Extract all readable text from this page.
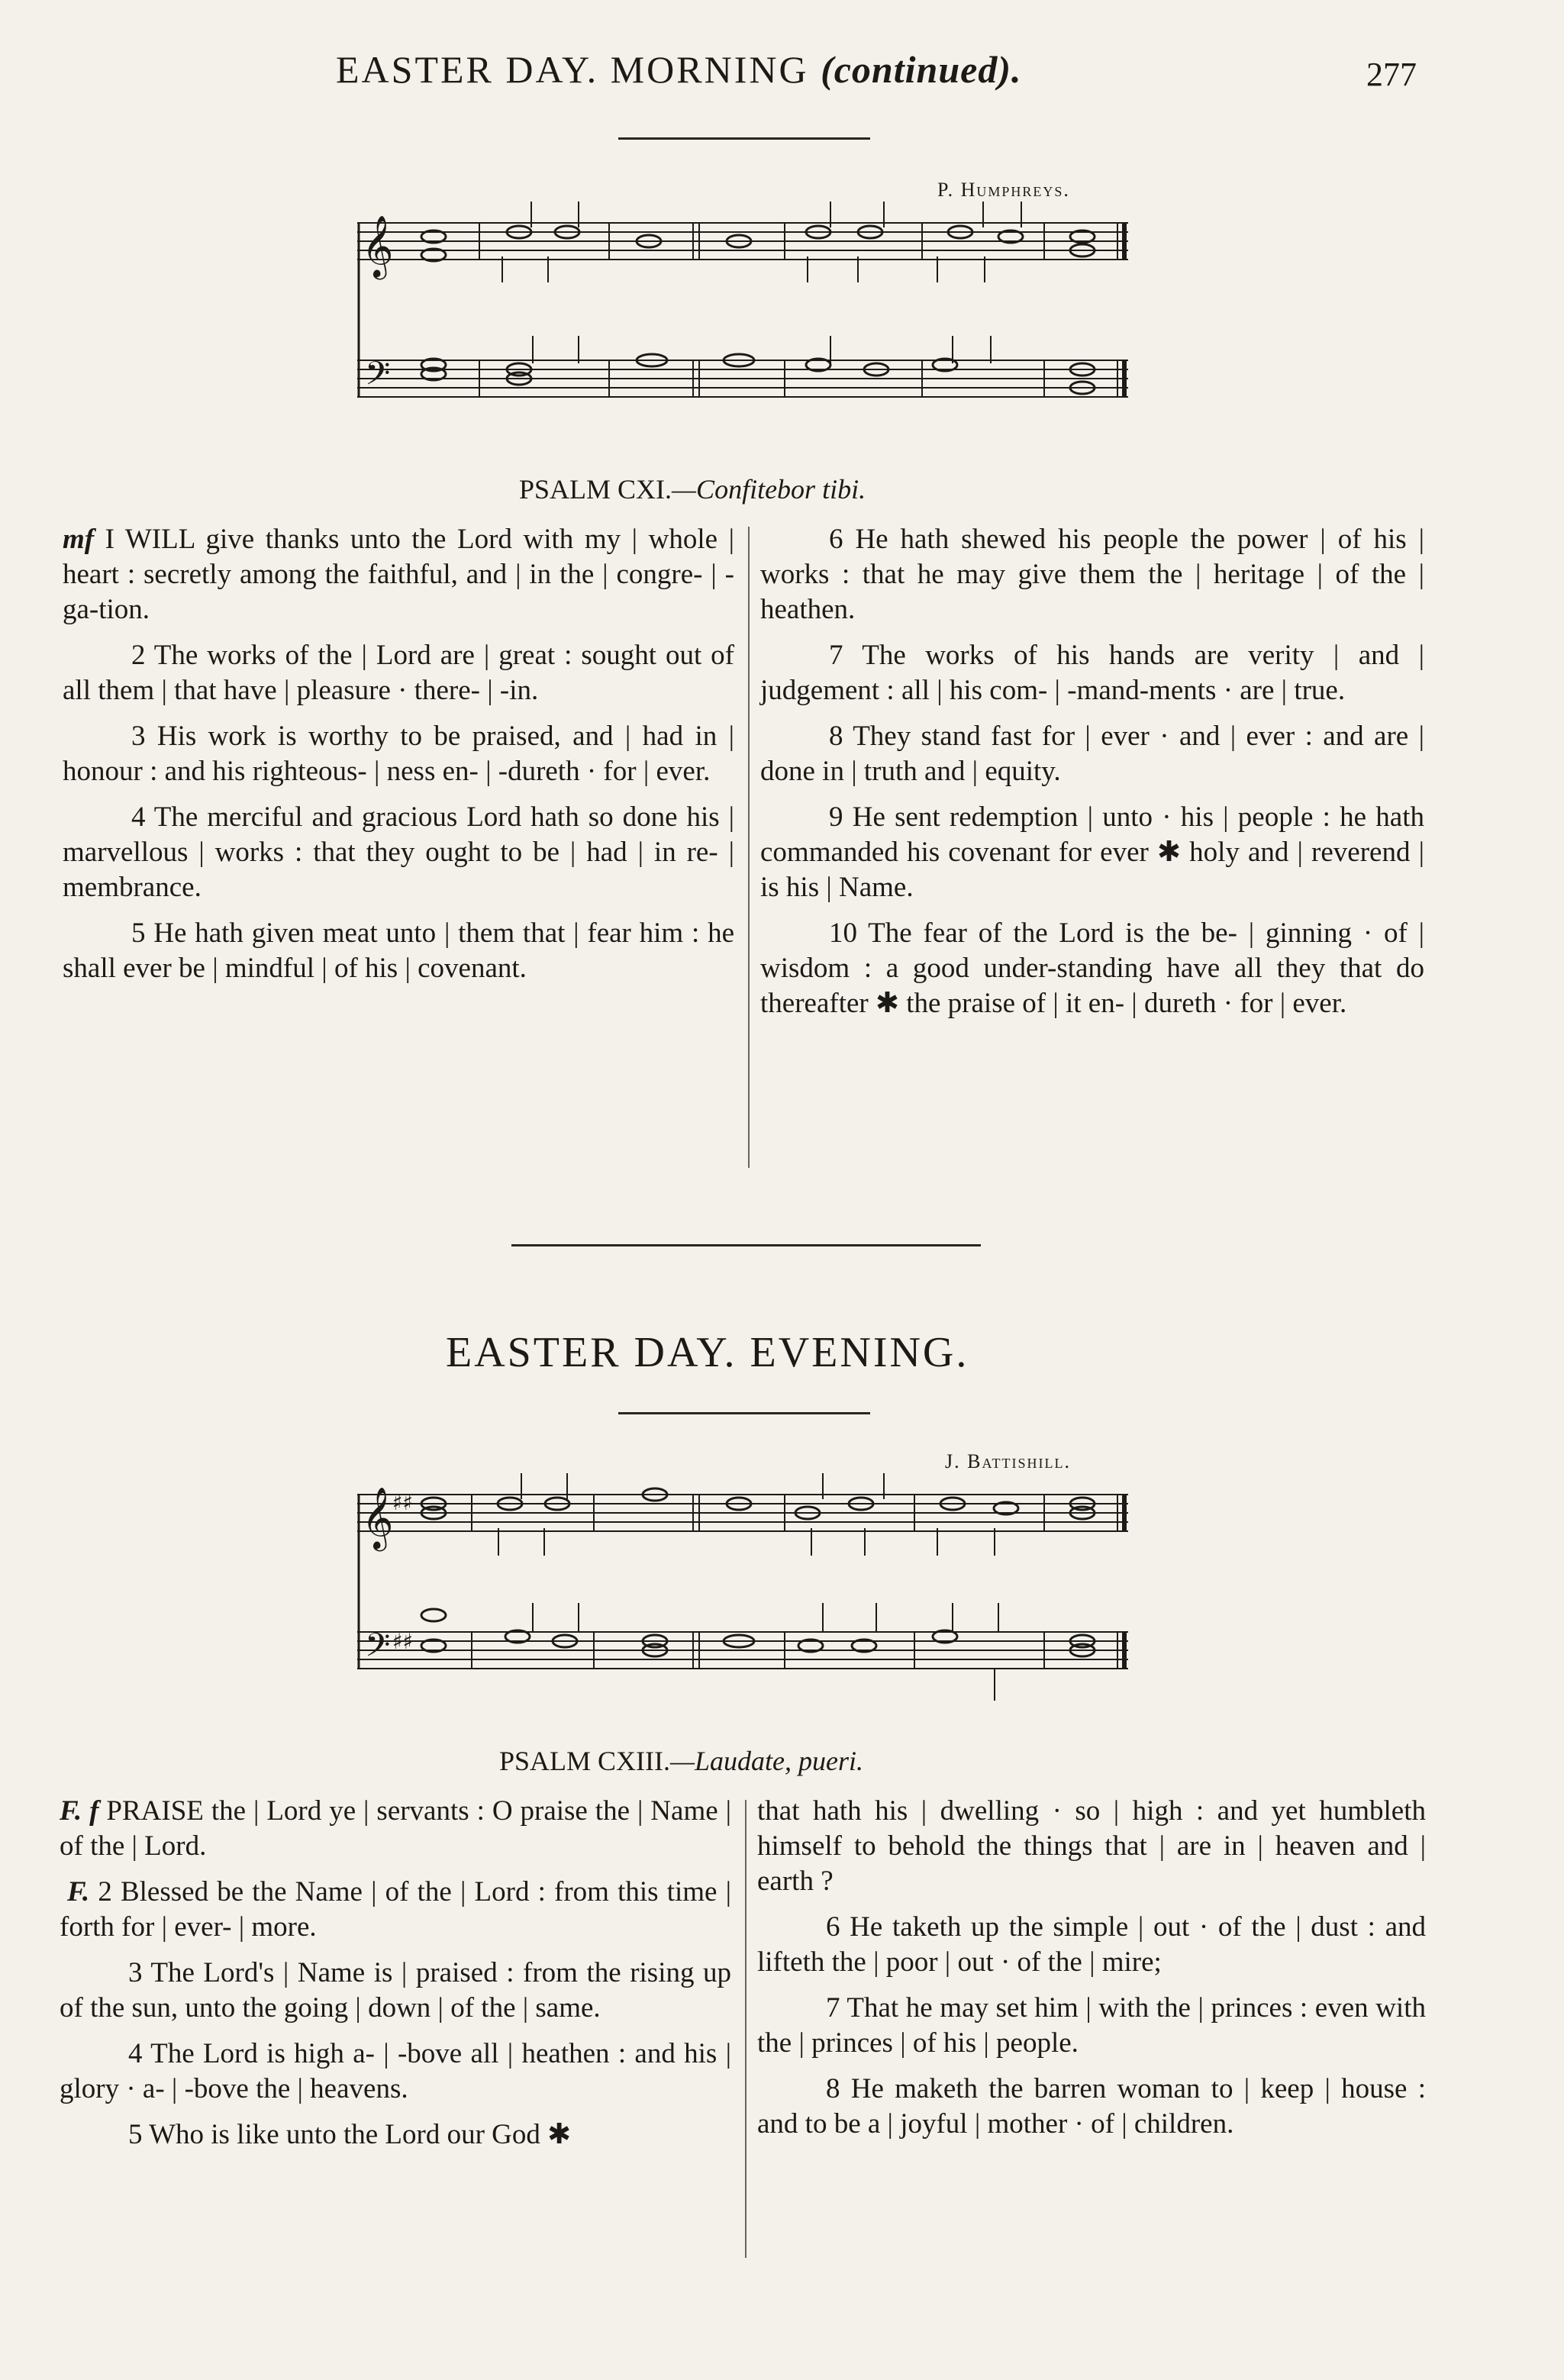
EASTER DAY. MORNING (continued).	277
P. Humphreys.
𝄞
𝄢
PSALM CXI.—Confitebor tibi.

mf I WILL give thanks unto the Lord with my | whole | heart : secretly among the faithful, and | in the | congre- | -ga-tion.

2 The works of the | Lord are | great : sought out of all them | that have | pleasure · there- | -in.

3 His work is worthy to be praised, and | had in | honour : and his righteous- | ness en- | -dureth · for | ever.

4 The merciful and gracious Lord hath so done his | marvellous | works : that they ought to be | had | in re- | membrance.

5 He hath given meat unto | them that | fear him : he shall ever be | mindful | of his | covenant.

6 He hath shewed his people the power | of his | works : that he may give them the | heritage | of the | heathen.

7 The works of his hands are verity | and | judgement : all | his com- | -mand-ments · are | true.

8 They stand fast for | ever · and | ever : and are | done in | truth and | equity.

9 He sent redemption | unto · his | people : he hath commanded his covenant for ever ✱ holy and | reverend | is his | Name.

10 The fear of the Lord is the be- | ginning · of | wisdom : a good under-standing have all they that do thereafter ✱ the praise of | it en- | dureth · for | ever.

EASTER DAY. EVENING.
J. Battishill.
𝄞
♯♯
𝄢 ♯♯
PSALM CXIII.—Laudate, pueri.

F. f PRAISE the | Lord ye | servants : O praise the | Name | of the | Lord.

F. 2 Blessed be the Name | of the | Lord : from this time | forth for | ever- | more.

3 The Lord's | Name is | praised : from the rising up of the sun, unto the going | down | of the | same.

4 The Lord is high a- | -bove all | heathen : and his | glory · a- | -bove the | heavens.

5 Who is like unto the Lord our God ✱

that hath his | dwelling · so | high : and yet humbleth himself to behold the things that | are in | heaven and | earth ?

6 He taketh up the simple | out · of the | dust : and lifteth the | poor | out · of the | mire;

7 That he may set him | with the | princes : even with the | princes | of his | people.

8 He maketh the barren woman to | keep | house : and to be a | joyful | mother · of | children.
